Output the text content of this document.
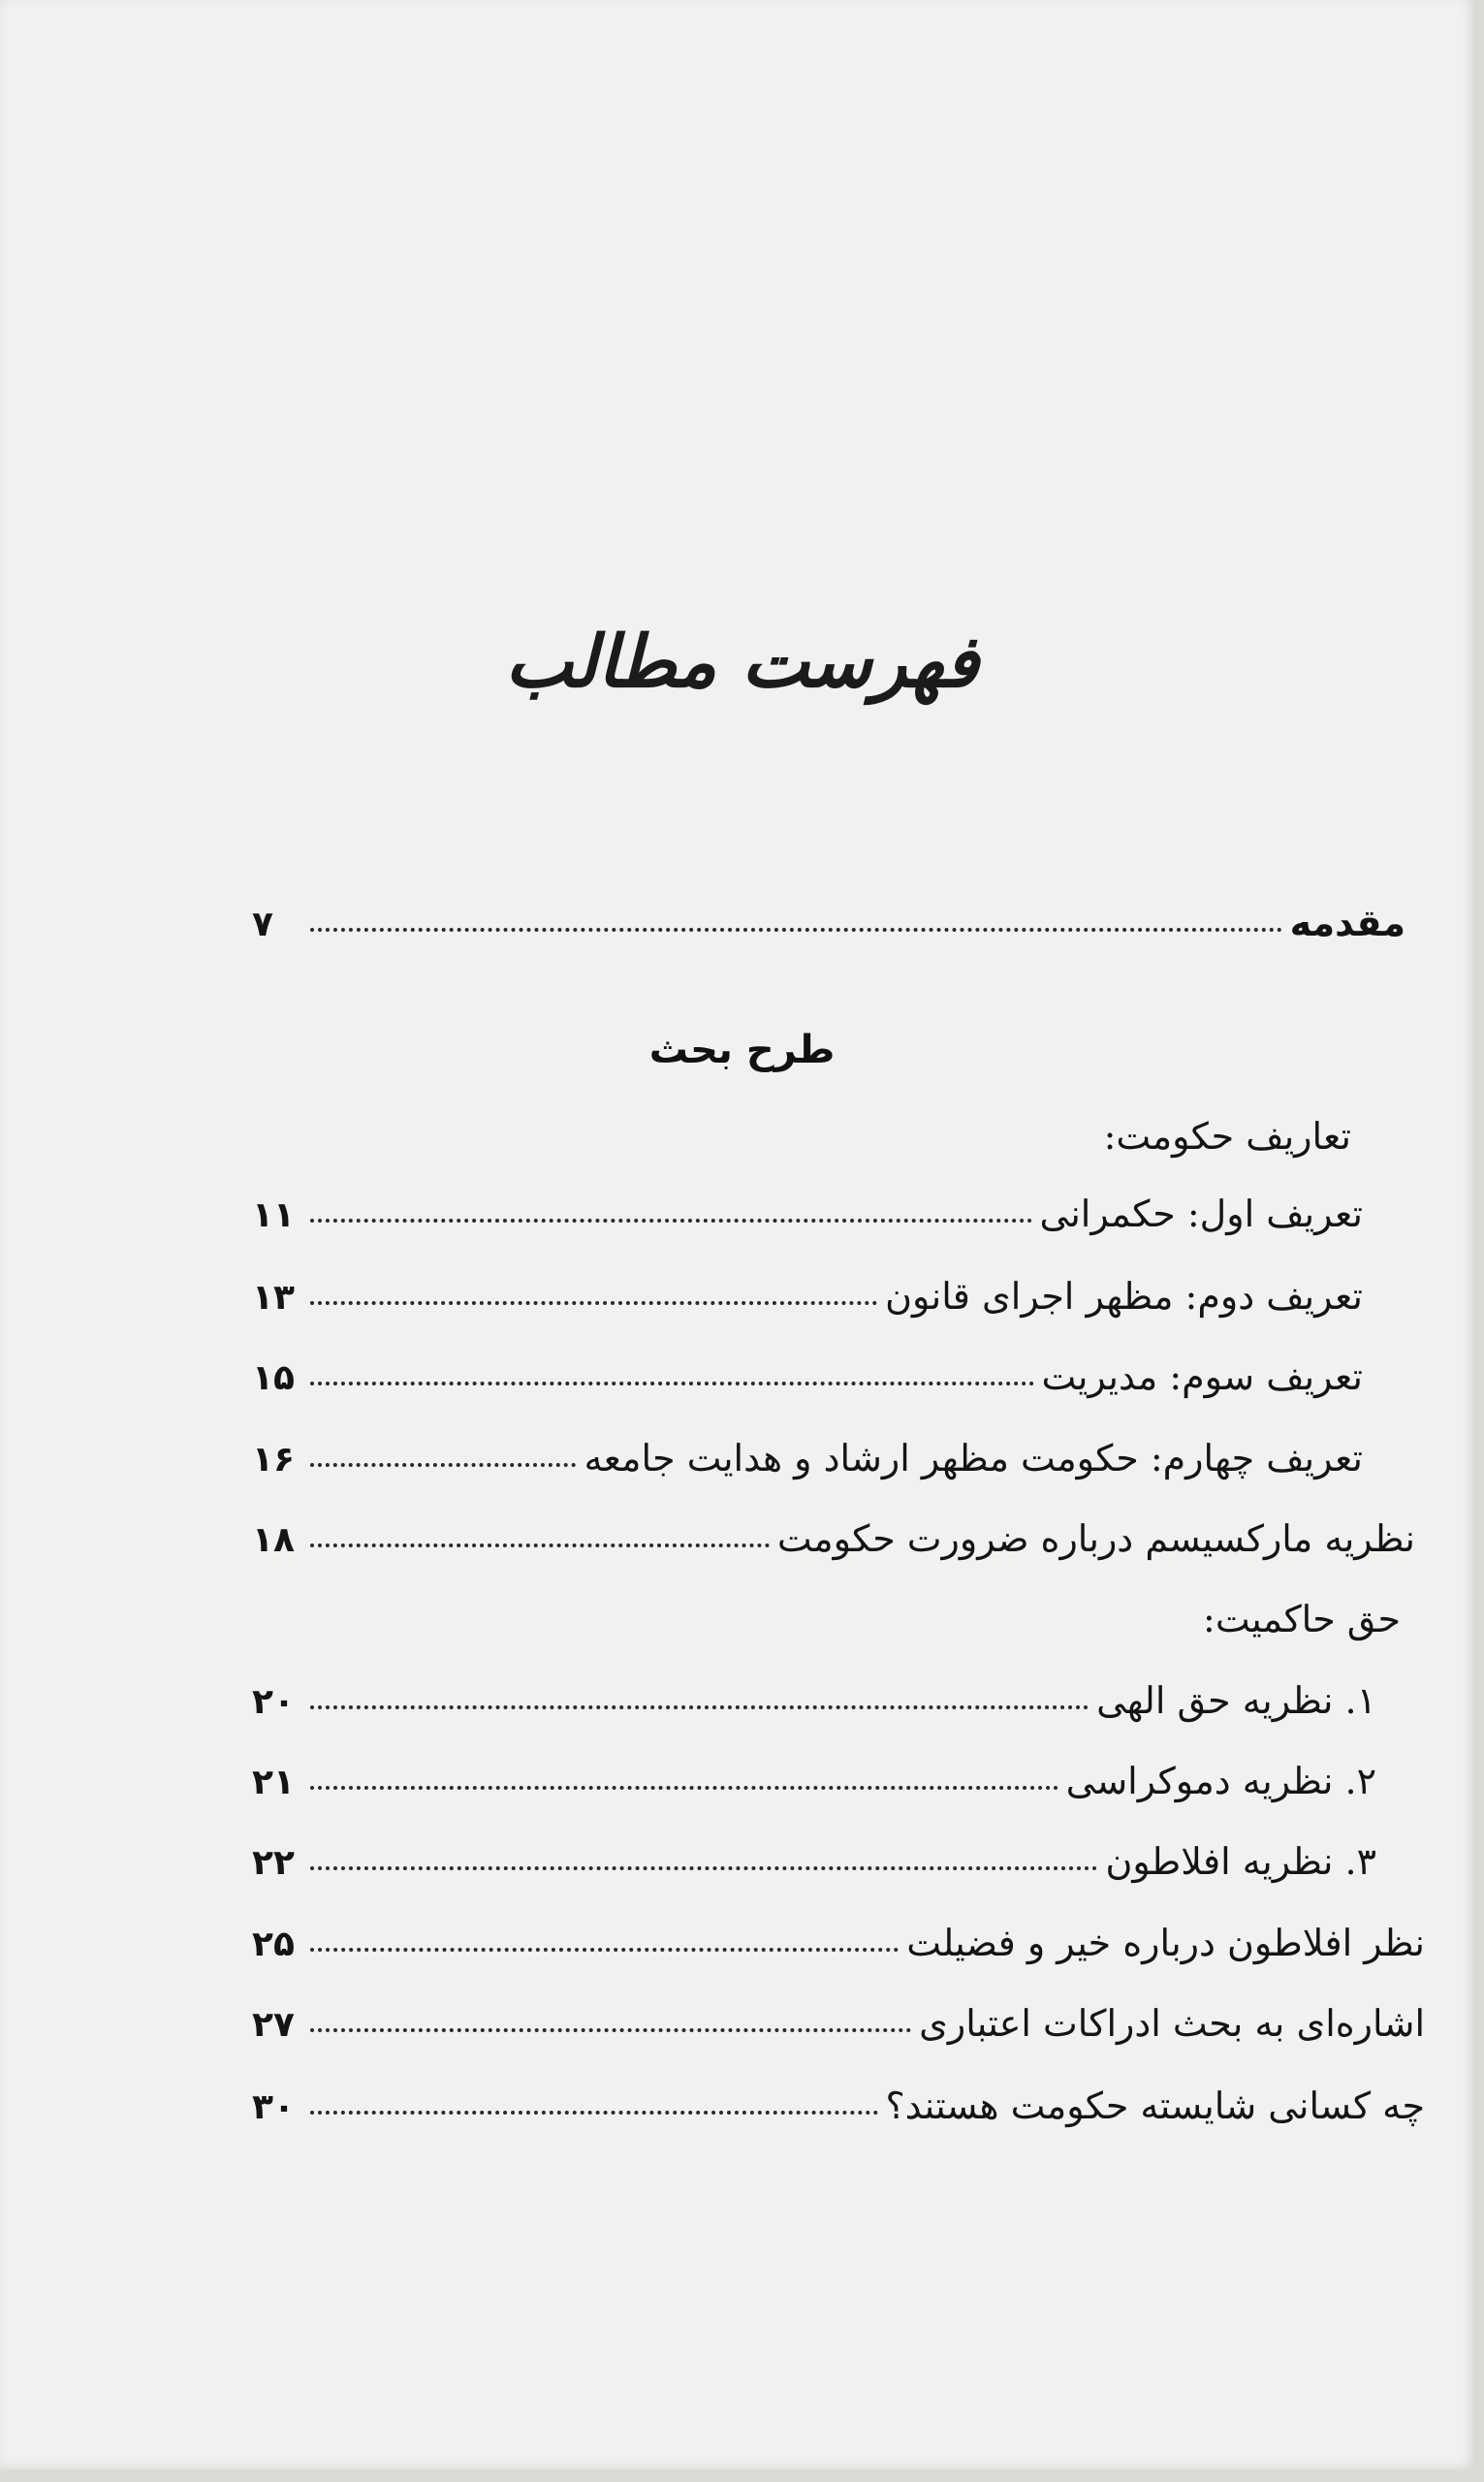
فهرست مطالب
مقدمه
۷
طرح بحث
تعاریف حکومت:
تعریف اول: حکمرانی
۱۱
تعریف دوم: مظهر اجرای قانون
۱۳
تعریف سوم: مدیریت
۱۵
تعریف چهارم: حکومت مظهر ارشاد و هدایت جامعه
۱۶
نظریه مارکسیسم درباره ضرورت حکومت
۱۸
حق حاکمیت:
۱. نظریه حق الهی
۲۰
۲. نظریه دموکراسی
۲۱
۳. نظریه افلاطون
۲۲
نظر افلاطون درباره خیر و فضیلت
۲۵
اشاره‌ای به بحث ادراکات اعتباری
۲۷
چه کسانی شایسته حکومت هستند؟
۳۰
